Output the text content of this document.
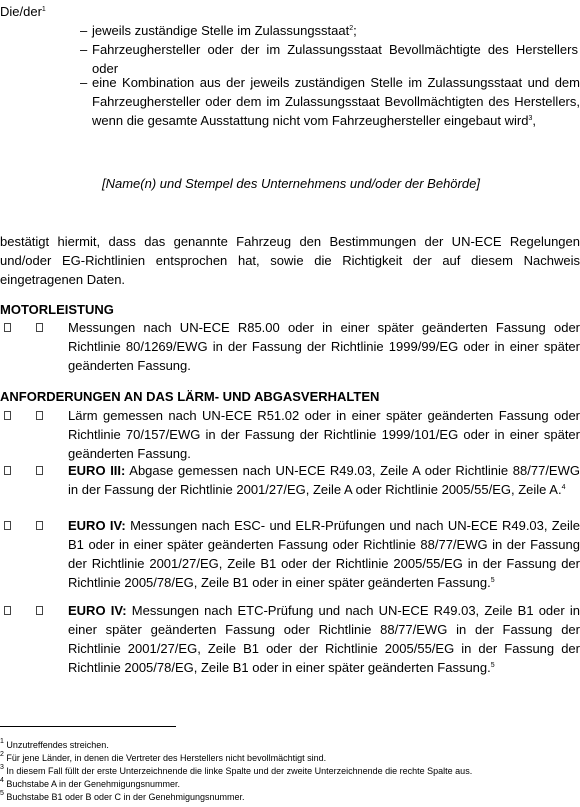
Die/der$^1$
– jeweils zuständige Stelle im Zulassungsstaat$^2$;
– Fahrzeughersteller oder der im Zulassungsstaat Bevollmächtigte des Herstellers oder
– eine Kombination aus der jeweils zuständigen Stelle im Zulassungsstaat und dem Fahrzeughersteller oder dem im Zulassungsstaat Bevollmächtigten des Herstellers, wenn die gesamte Ausstattung nicht vom Fahrzeughersteller eingebaut wird$^3$,
[Name(n) und Stempel des Unternehmens und/oder der Behörde]
bestätigt hiermit, dass das genannte Fahrzeug den Bestimmungen der UN-ECE Regelungen und/oder EG-Richtlinien entsprochen hat, sowie die Richtigkeit der auf diesem Nachweis eingetragenen Daten.
MOTORLEISTUNG
Messungen nach UN-ECE R85.00 oder in einer später geänderten Fassung oder Richtlinie 80/1269/EWG in der Fassung der Richtlinie 1999/99/EG oder in einer später geänderten Fassung.
ANFORDERUNGEN AN DAS LÄRM- UND ABGASVERHALTEN
Lärm gemessen nach UN-ECE R51.02 oder in einer später geänderten Fassung oder Richtlinie 70/157/EWG in der Fassung der Richtlinie 1999/101/EG oder in einer später geänderten Fassung.
EURO III: Abgase gemessen nach UN-ECE R49.03, Zeile A oder Richtlinie 88/77/EWG in der Fassung der Richtlinie 2001/27/EG, Zeile A oder Richtlinie 2005/55/EG, Zeile A.$^4$
EURO IV: Messungen nach ESC- und ELR-Prüfungen und nach UN-ECE R49.03, Zeile B1 oder in einer später geänderten Fassung oder Richtlinie 88/77/EWG in der Fassung der Richtlinie 2001/27/EG, Zeile B1 oder der Richtlinie 2005/55/EG in der Fassung der Richtlinie 2005/78/EG, Zeile B1 oder in einer später geänderten Fassung.$^5$
EURO IV: Messungen nach ETC-Prüfung und nach UN-ECE R49.03, Zeile B1 oder in einer später geänderten Fassung oder Richtlinie 88/77/EWG in der Fassung der Richtlinie 2001/27/EG, Zeile B1 oder der Richtlinie 2005/55/EG in der Fassung der Richtlinie 2005/78/EG, Zeile B1 oder in einer später geänderten Fassung.$^5$
$^1$ Unzutreffendes streichen.
$^2$ Für jene Länder, in denen die Vertreter des Herstellers nicht bevollmächtigt sind.
$^3$ In diesem Fall füllt der erste Unterzeichnende die linke Spalte und der zweite Unterzeichnende die rechte Spalte aus.
$^4$ Buchstabe A in der Genehmigungsnummer.
$^5$ Buchstabe B1 oder B oder C in der Genehmigungsnummer.
